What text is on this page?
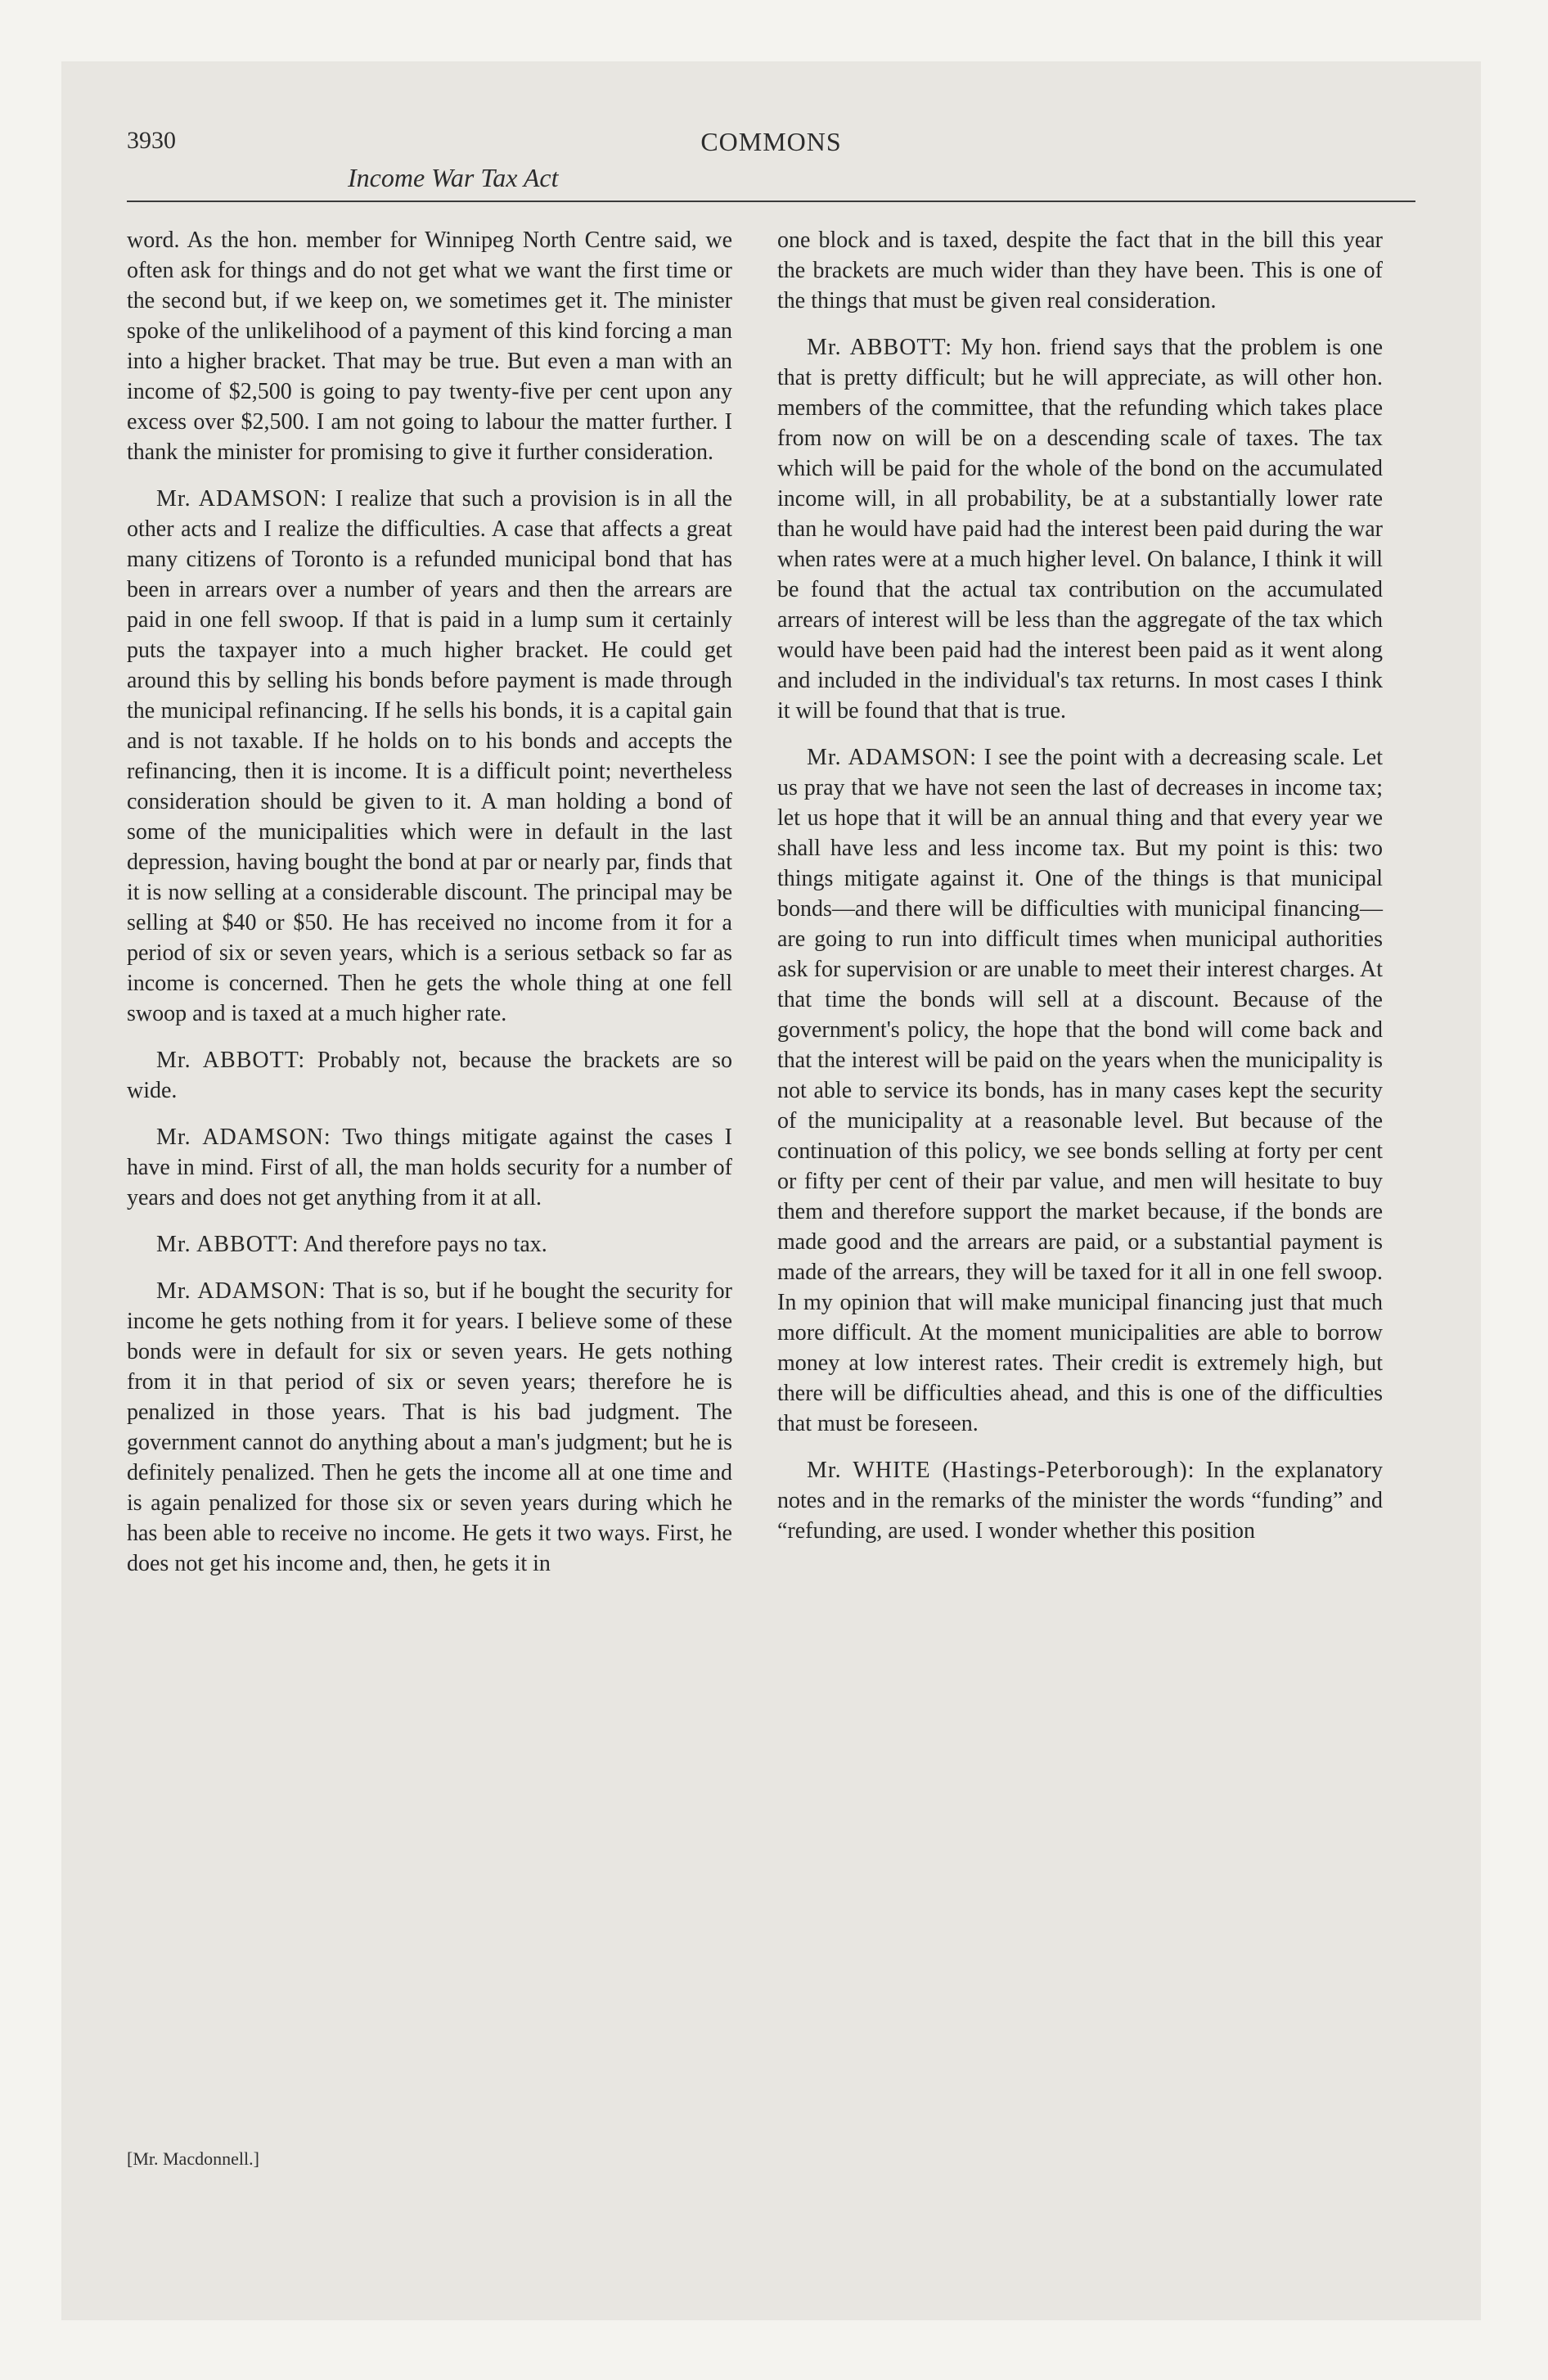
3930	COMMONS
Income War Tax Act

word. As the hon. member for Winnipeg North Centre said, we often ask for things and do not get what we want the first time or the second but, if we keep on, we sometimes get it. The minister spoke of the unlikelihood of a payment of this kind forcing a man into a higher bracket. That may be true. But even a man with an income of $2,500 is going to pay twenty-five per cent upon any excess over $2,500. I am not going to labour the matter further. I thank the minister for promising to give it further consideration.

Mr. ADAMSON: I realize that such a provision is in all the other acts and I realize the difficulties. A case that affects a great many citizens of Toronto is a refunded municipal bond that has been in arrears over a number of years and then the arrears are paid in one fell swoop. If that is paid in a lump sum it certainly puts the taxpayer into a much higher bracket. He could get around this by selling his bonds before payment is made through the municipal refinancing. If he sells his bonds, it is a capital gain and is not taxable. If he holds on to his bonds and accepts the refinancing, then it is income. It is a difficult point; nevertheless consideration should be given to it. A man holding a bond of some of the municipalities which were in default in the last depression, having bought the bond at par or nearly par, finds that it is now selling at a considerable discount. The principal may be selling at $40 or $50. He has received no income from it for a period of six or seven years, which is a serious setback so far as income is concerned. Then he gets the whole thing at one fell swoop and is taxed at a much higher rate.

Mr. ABBOTT: Probably not, because the brackets are so wide.

Mr. ADAMSON: Two things mitigate against the cases I have in mind. First of all, the man holds security for a number of years and does not get anything from it at all.

Mr. ABBOTT: And therefore pays no tax.

Mr. ADAMSON: That is so, but if he bought the security for income he gets nothing from it for years. I believe some of these bonds were in default for six or seven years. He gets nothing from it in that period of six or seven years; therefore he is penalized in those years. That is his bad judgment. The government cannot do anything about a man's judgment; but he is definitely penalized. Then he gets the income all at one time and is again penalized for those six or seven years during which he has been able to receive no income. He gets it two ways. First, he does not get his income and, then, he gets it in

one block and is taxed, despite the fact that in the bill this year the brackets are much wider than they have been. This is one of the things that must be given real consideration.

Mr. ABBOTT: My hon. friend says that the problem is one that is pretty difficult; but he will appreciate, as will other hon. members of the committee, that the refunding which takes place from now on will be on a descending scale of taxes. The tax which will be paid for the whole of the bond on the accumulated income will, in all probability, be at a substantially lower rate than he would have paid had the interest been paid during the war when rates were at a much higher level. On balance, I think it will be found that the actual tax contribution on the accumulated arrears of interest will be less than the aggregate of the tax which would have been paid had the interest been paid as it went along and included in the individual's tax returns. In most cases I think it will be found that that is true.

Mr. ADAMSON: I see the point with a decreasing scale. Let us pray that we have not seen the last of decreases in income tax; let us hope that it will be an annual thing and that every year we shall have less and less income tax. But my point is this: two things mitigate against it. One of the things is that municipal bonds—and there will be difficulties with municipal financing—are going to run into difficult times when municipal authorities ask for supervision or are unable to meet their interest charges. At that time the bonds will sell at a discount. Because of the government's policy, the hope that the bond will come back and that the interest will be paid on the years when the municipality is not able to service its bonds, has in many cases kept the security of the municipality at a reasonable level. But because of the continuation of this policy, we see bonds selling at forty per cent or fifty per cent of their par value, and men will hesitate to buy them and therefore support the market because, if the bonds are made good and the arrears are paid, or a substantial payment is made of the arrears, they will be taxed for it all in one fell swoop. In my opinion that will make municipal financing just that much more difficult. At the moment municipalities are able to borrow money at low interest rates. Their credit is extremely high, but there will be difficulties ahead, and this is one of the difficulties that must be foreseen.

Mr. WHITE (Hastings-Peterborough): In the explanatory notes and in the remarks of the minister the words “funding” and “refunding, are used. I wonder whether this position

[Mr. Macdonnell.]
